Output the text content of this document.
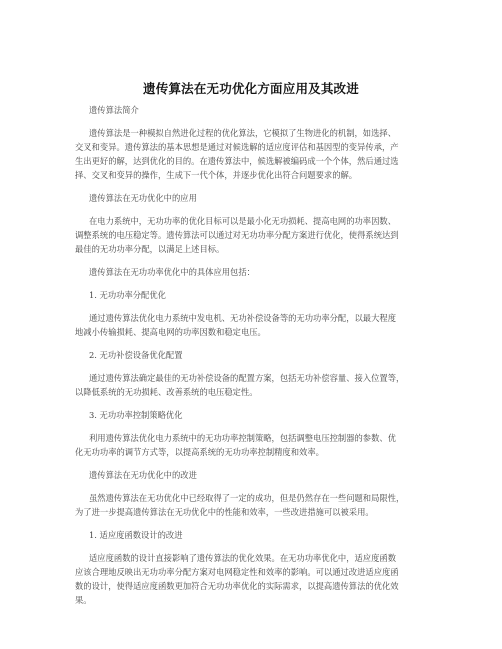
遗传算法在无功优化方面应用及其改进
遗传算法简介
遗传算法是一种模拟自然进化过程的优化算法，它模拟了生物进化的机制，如选择、
交叉和变异。遗传算法的基本思想是通过对候选解的适应度评估和基因型的变异传承，产
生出更好的解，达到优化的目的。在遗传算法中，候选解被编码成一个个体，然后通过选
择、交叉和变异的操作，生成下一代个体，并逐步优化出符合问题要求的解。
遗传算法在无功优化中的应用
在电力系统中，无功功率的优化目标可以是最小化无功损耗、提高电网的功率因数、
调整系统的电压稳定等。遗传算法可以通过对无功功率分配方案进行优化，使得系统达到
最佳的无功功率分配，以满足上述目标。
遗传算法在无功功率优化中的具体应用包括：
1. 无功功率分配优化
通过遗传算法优化电力系统中发电机、无功补偿设备等的无功功率分配，以最大程度
地减小传输损耗、提高电网的功率因数和稳定电压。
2. 无功补偿设备优化配置
通过遗传算法确定最佳的无功补偿设备的配置方案，包括无功补偿容量、接入位置等，
以降低系统的无功损耗、改善系统的电压稳定性。
3. 无功功率控制策略优化
利用遗传算法优化电力系统中的无功功率控制策略，包括调整电压控制器的参数、优
化无功功率的调节方式等，以提高系统的无功功率控制精度和效率。
遗传算法在无功优化中的改进
虽然遗传算法在无功优化中已经取得了一定的成功，但是仍然存在一些问题和局限性，
为了进一步提高遗传算法在无功优化中的性能和效率，一些改进措施可以被采用。
1. 适应度函数设计的改进
适应度函数的设计直接影响了遗传算法的优化效果。在无功功率优化中，适应度函数
应该合理地反映出无功功率分配方案对电网稳定性和效率的影响。可以通过改进适应度函
数的设计，使得适应度函数更加符合无功功率优化的实际需求，以提高遗传算法的优化效
果。
